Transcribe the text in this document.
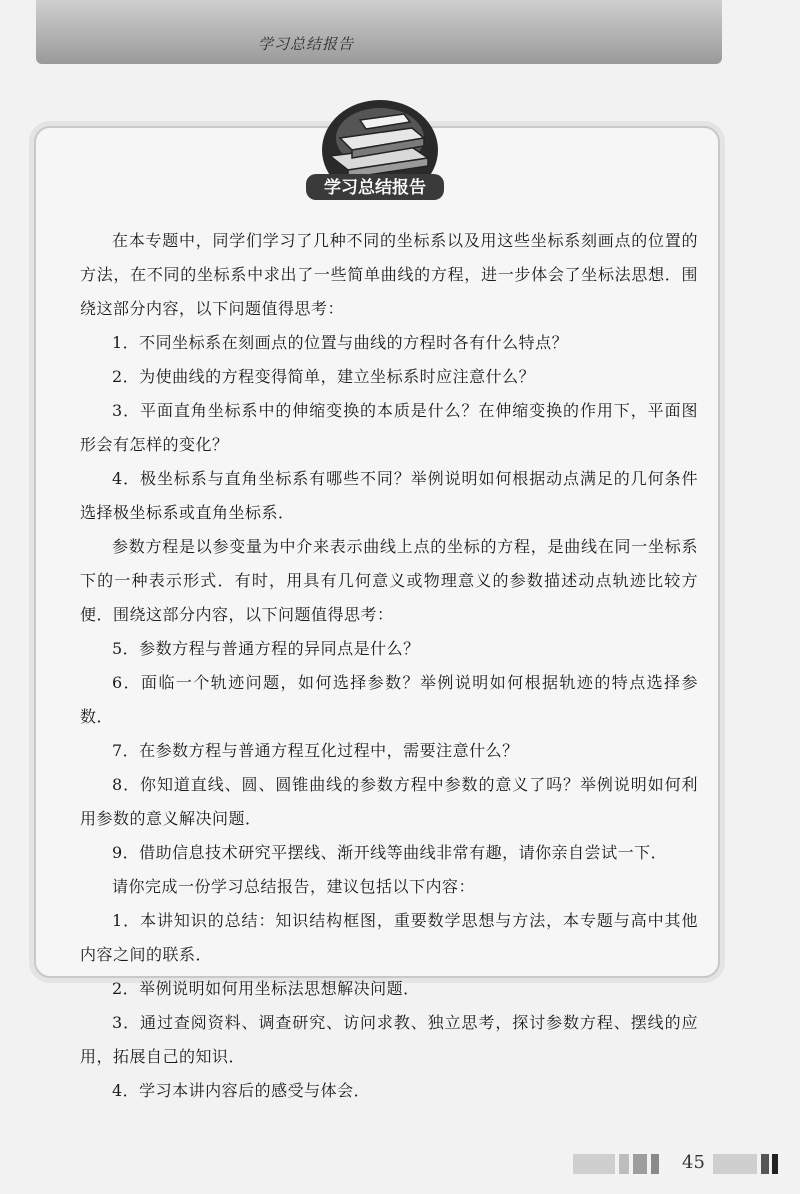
学习总结报告
学习总结报告

在本专题中，同学们学习了几种不同的坐标系以及用这些坐标系刻画点的位置的方法，在不同的坐标系中求出了一些简单曲线的方程，进一步体会了坐标法思想．围绕这部分内容，以下问题值得思考：

1．不同坐标系在刻画点的位置与曲线的方程时各有什么特点？

2．为使曲线的方程变得简单，建立坐标系时应注意什么？

3．平面直角坐标系中的伸缩变换的本质是什么？在伸缩变换的作用下，平面图形会有怎样的变化？

4．极坐标系与直角坐标系有哪些不同？举例说明如何根据动点满足的几何条件选择极坐标系或直角坐标系．

参数方程是以参变量为中介来表示曲线上点的坐标的方程，是曲线在同一坐标系下的一种表示形式．有时，用具有几何意义或物理意义的参数描述动点轨迹比较方便．围绕这部分内容，以下问题值得思考：

5．参数方程与普通方程的异同点是什么？

6．面临一个轨迹问题，如何选择参数？举例说明如何根据轨迹的特点选择参数．

7．在参数方程与普通方程互化过程中，需要注意什么？

8．你知道直线、圆、圆锥曲线的参数方程中参数的意义了吗？举例说明如何利用参数的意义解决问题．

9．借助信息技术研究平摆线、渐开线等曲线非常有趣，请你亲自尝试一下．

请你完成一份学习总结报告，建议包括以下内容：

1．本讲知识的总结：知识结构框图，重要数学思想与方法，本专题与高中其他内容之间的联系．

2．举例说明如何用坐标法思想解决问题．

3．通过查阅资料、调查研究、访问求教、独立思考，探讨参数方程、摆线的应用，拓展自己的知识．

4．学习本讲内容后的感受与体会．

45
